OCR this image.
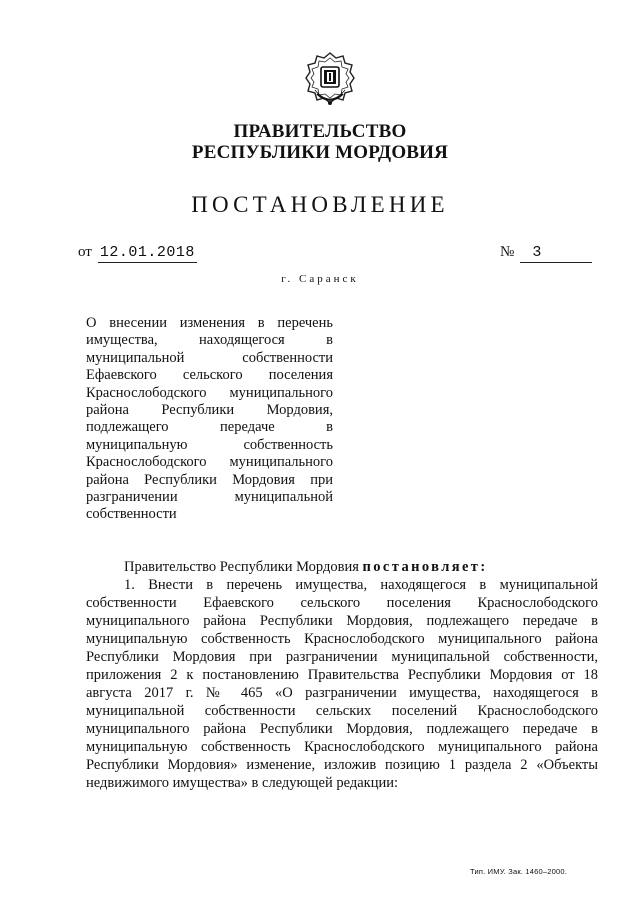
ПРАВИТЕЛЬСТВО
РЕСПУБЛИКИ МОРДОВИЯ
ПОСТАНОВЛЕНИЕ
от 12.01.2018	№ 3
г. Саранск
О внесении изменения в перечень имущества, находящегося в муниципальной собственности Ефаевского сельского поселения Краснослободского муниципального района Республики Мордовия, подлежащего передаче в муниципальную собственность Краснослободского муниципального района Республики Мордовия при разграничении муниципальной собственности

Правительство Республики Мордовия постановляет:

1. Внести в перечень имущества, находящегося в муниципальной собственности Ефаевского сельского поселения Краснослободского муниципального района Республики Мордовия, подлежащего передаче в муниципальную собственность Краснослободского муниципального района Республики Мордовия при разграничении муниципальной собственности, приложения 2 к постановлению Правительства Республики Мордовия от 18 августа 2017 г. № 465 «О разграничении имущества, находящегося в муниципальной собственности сельских поселений Краснослободского муниципального района Республики Мордовия, подлежащего передаче в муниципальную собственность Краснослободского муниципального района Республики Мордовия» изменение, изложив позицию 1 раздела 2 «Объекты недвижимого имущества» в следующей редакции:

Тип. ИМУ. Зак. 1460–2000.
